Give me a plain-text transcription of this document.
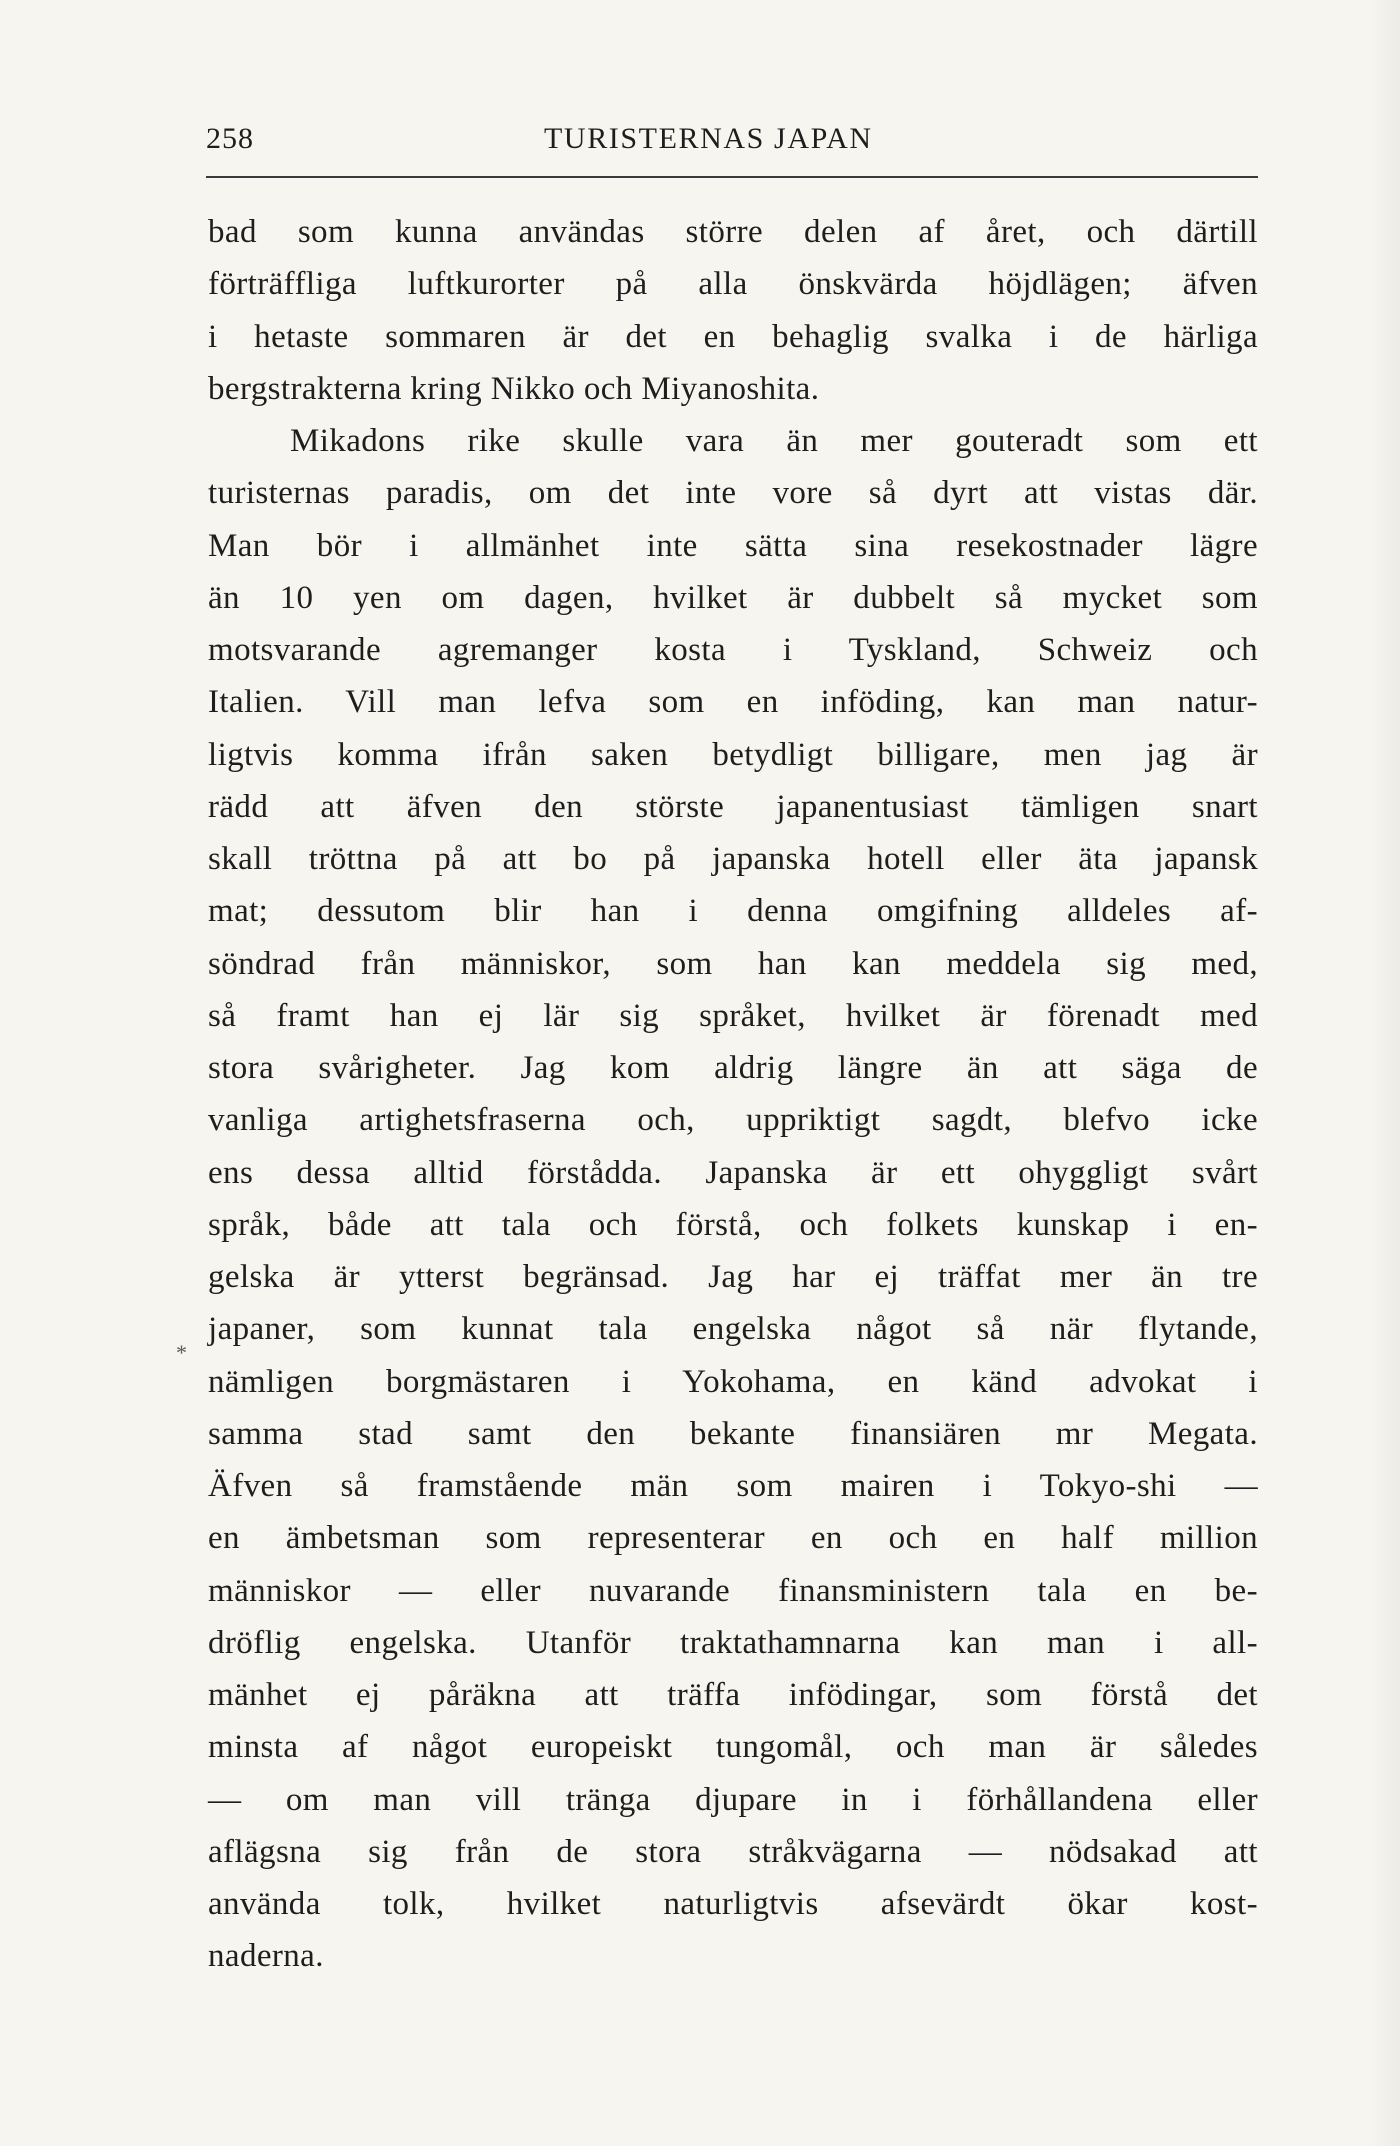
258	TURISTERNAS JAPAN
*
bad som kunna användas större delen af året, och därtill
förträffliga luftkurorter på alla önskvärda höjdlägen; äfven
i hetaste sommaren är det en behaglig svalka i de härliga
bergstrakterna kring Nikko och Miyanoshita.
Mikadons rike skulle vara än mer gouteradt som ett
turisternas paradis, om det inte vore så dyrt att vistas där.
Man bör i allmänhet inte sätta sina resekostnader lägre
än 10 yen om dagen, hvilket är dubbelt så mycket som
motsvarande agremanger kosta i Tyskland, Schweiz och
Italien. Vill man lefva som en inföding, kan man natur-
ligtvis komma ifrån saken betydligt billigare, men jag är
rädd att äfven den störste japanentusiast tämligen snart
skall tröttna på att bo på japanska hotell eller äta japansk
mat; dessutom blir han i denna omgifning alldeles af-
söndrad från människor, som han kan meddela sig med,
så framt han ej lär sig språket, hvilket är förenadt med
stora svårigheter. Jag kom aldrig längre än att säga de
vanliga artighetsfraserna och, uppriktigt sagdt, blefvo icke
ens dessa alltid förstådda. Japanska är ett ohyggligt svårt
språk, både att tala och förstå, och folkets kunskap i en-
gelska är ytterst begränsad. Jag har ej träffat mer än tre
japaner, som kunnat tala engelska något så när flytande,
nämligen borgmästaren i Yokohama, en känd advokat i
samma stad samt den bekante finansiären mr Megata.
Äfven så framstående män som mairen i Tokyo-shi —
en ämbetsman som representerar en och en half million
människor — eller nuvarande finansministern tala en be-
dröflig engelska. Utanför traktathamnarna kan man i all-
mänhet ej påräkna att träffa infödingar, som förstå det
minsta af något europeiskt tungomål, och man är således
— om man vill tränga djupare in i förhållandena eller
aflägsna sig från de stora stråkvägarna — nödsakad att
använda tolk, hvilket naturligtvis afsevärdt ökar kost-
naderna.
